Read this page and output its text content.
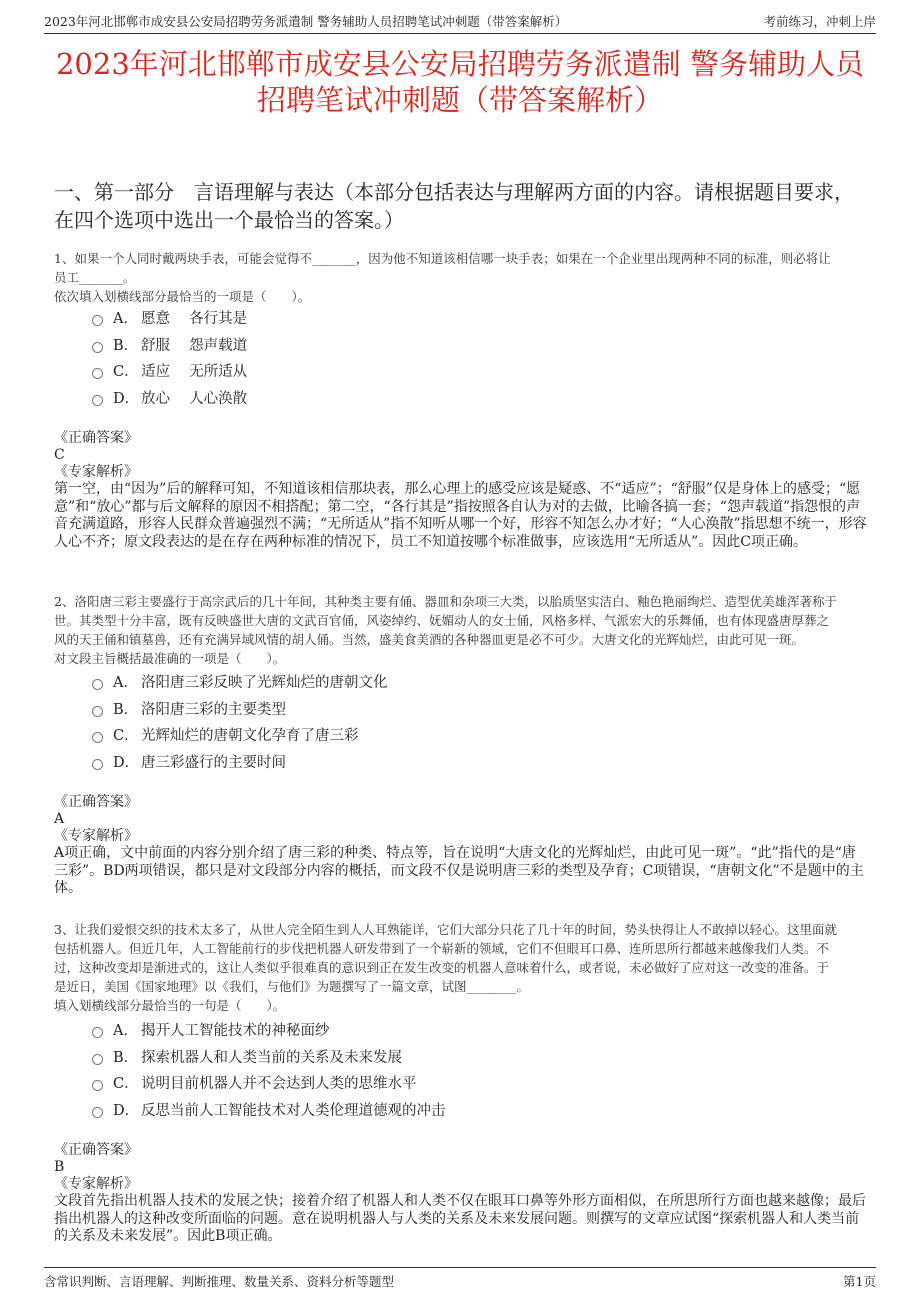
2023年河北邯郸市成安县公安局招聘劳务派遣制 警务辅助人员招聘笔试冲刺题（带答案解析）	考前练习，冲刺上岸
2023年河北邯郸市成安县公安局招聘劳务派遣制 警务辅助人员
招聘笔试冲刺题（带答案解析）
一、第一部分　言语理解与表达（本部分包括表达与理解两方面的内容。请根据题目要求，在四个选项中选出一个最恰当的答案。）
1、如果一个人同时戴两块手表，可能会觉得不_______，因为他不知道该相信哪一块手表；如果在一个企业里出现两种不同的标准，则必将让
员工_______。
依次填入划横线部分最恰当的一项是（　　）。
A． 愿意　 各行其是
B． 舒服　 怨声载道
C． 适应　 无所适从
D． 放心　 人心涣散
《正确答案》
C
《专家解析》
第一空，由“因为”后的解释可知，不知道该相信那块表，那么心理上的感受应该是疑惑、不“适应”；“舒服”仅是身体上的感受；“愿意”和“放心”都与后文解释的原因不相搭配；第二空，“各行其是”指按照各自认为对的去做，比喻各搞一套；“怨声载道”指怨恨的声音充满道路，形容人民群众普遍强烈不满；“无所适从”指不知听从哪一个好，形容不知怎么办才好；“人心涣散”指思想不统一，形容人心不齐；原文段表达的是在存在两种标准的情况下，员工不知道按哪个标准做事，应该选用“无所适从”。因此C项正确。
2、洛阳唐三彩主要盛行于高宗武后的几十年间，其种类主要有俑、器皿和杂项三大类，以胎质坚实洁白、釉色艳丽绚烂、造型优美雄浑著称于
世。其类型十分丰富，既有反映盛世大唐的文武百官俑，风姿绰约、妩媚动人的女士俑，风格多样、气派宏大的乐舞俑，也有体现盛唐厚葬之
风的天王俑和镇墓兽，还有充满异域风情的胡人俑。当然，盛美食美酒的各种器皿更是必不可少。大唐文化的光辉灿烂，由此可见一斑。
对文段主旨概括最准确的一项是（　　）。
A． 洛阳唐三彩反映了光辉灿烂的唐朝文化
B． 洛阳唐三彩的主要类型
C． 光辉灿烂的唐朝文化孕育了唐三彩
D． 唐三彩盛行的主要时间
《正确答案》
A
《专家解析》
A项正确，文中前面的内容分别介绍了唐三彩的种类、特点等，旨在说明“大唐文化的光辉灿烂，由此可见一斑”。“此”指代的是“唐三彩”。BD两项错误，都只是对文段部分内容的概括，而文段不仅是说明唐三彩的类型及孕育；C项错误，“唐朝文化”不是题中的主体。
3、让我们爱恨交织的技术太多了，从世人完全陌生到人人耳熟能详，它们大部分只花了几十年的时间，势头快得让人不敢掉以轻心。这里面就
包括机器人。但近几年，人工智能前行的步伐把机器人研发带到了一个崭新的领域，它们不但眼耳口鼻、连所思所行都越来越像我们人类。不
过，这种改变却是渐进式的，这让人类似乎很难真的意识到正在发生改变的机器人意味着什么，或者说，未必做好了应对这一改变的准备。于
是近日，美国《国家地理》以《我们，与他们》为题撰写了一篇文章，试图________。
填入划横线部分最恰当的一句是（　　）。
A． 揭开人工智能技术的神秘面纱
B． 探索机器人和人类当前的关系及未来发展
C． 说明目前机器人并不会达到人类的思维水平
D． 反思当前人工智能技术对人类伦理道德观的冲击
《正确答案》
B
《专家解析》
文段首先指出机器人技术的发展之快；接着介绍了机器人和人类不仅在眼耳口鼻等外形方面相似，在所思所行方面也越来越像；最后指出机器人的这种改变所面临的问题。意在说明机器人与人类的关系及未来发展问题。则撰写的文章应试图“探索机器人和人类当前的关系及未来发展”。因此B项正确。
含常识判断、言语理解、判断推理、数量关系、资料分析等题型	第1页
